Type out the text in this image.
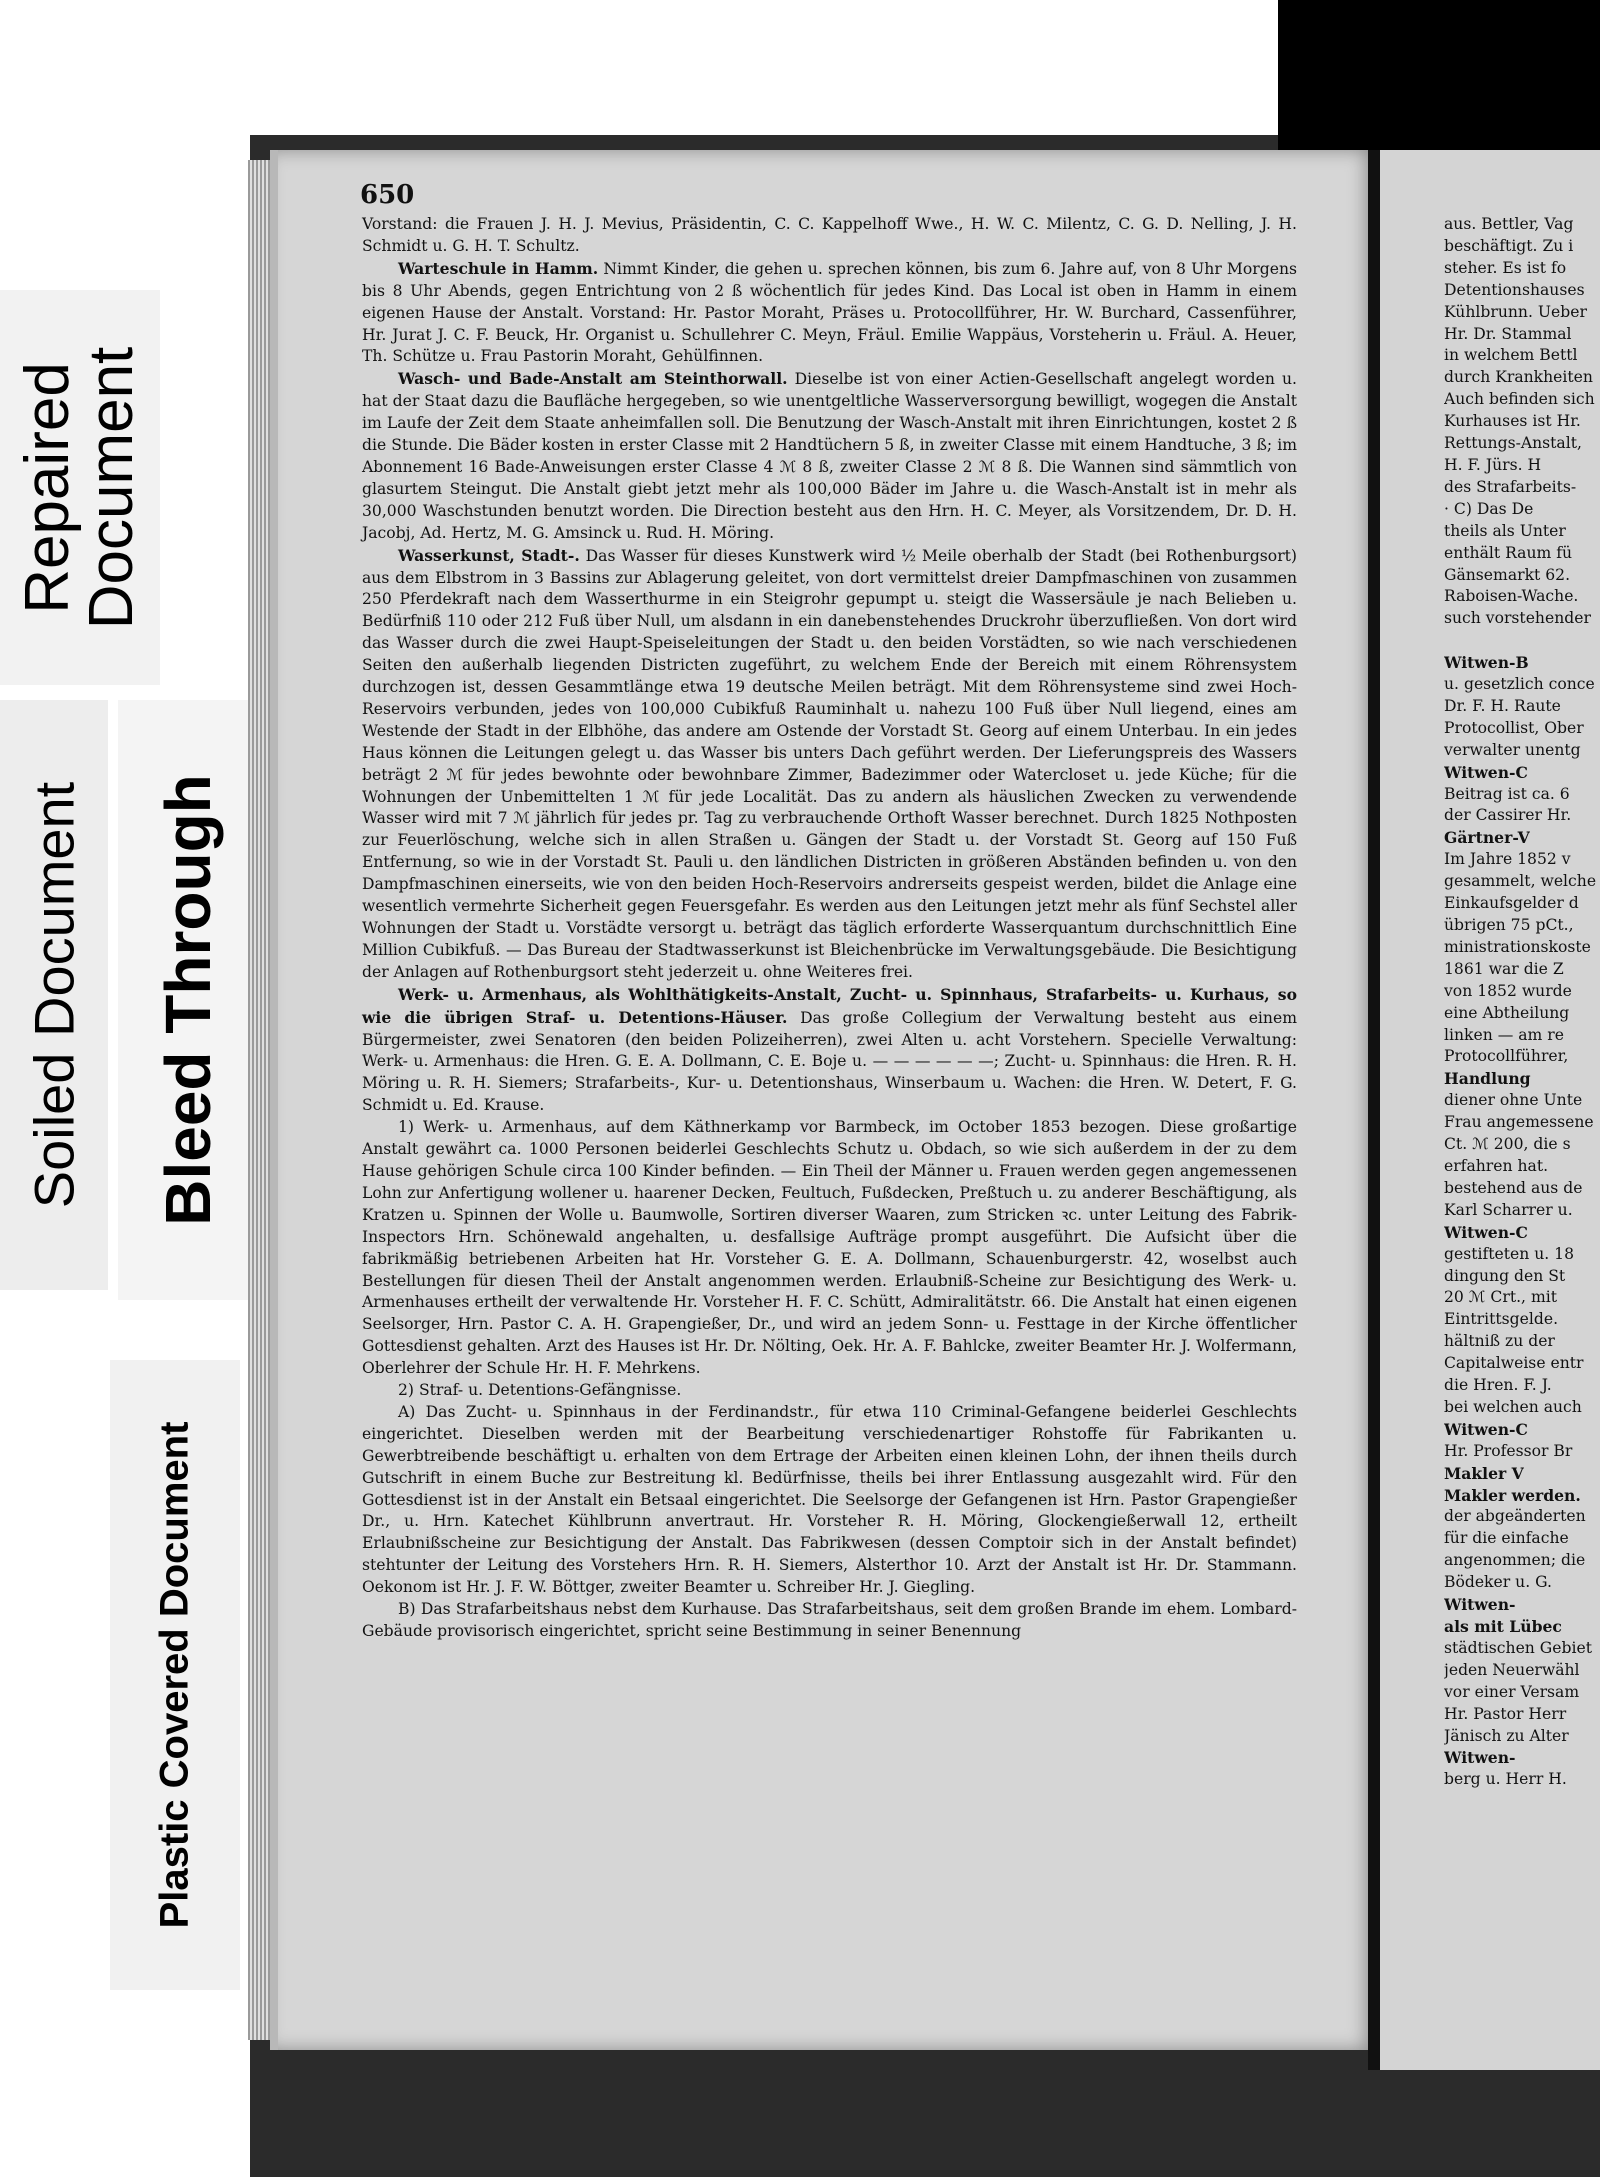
Repaired
Document
Soiled Document Bleed Through
Plastic Covered Document
650

Vorstand: die Frauen J. H. J. Mevius, Präsidentin, C. C. Kappelhoff Wwe., H. W. C. Milentz, C. G. D. Nelling, J. H. Schmidt u. G. H. T. Schultz.

Warteschule in Hamm. Nimmt Kinder, die gehen u. sprechen können, bis zum 6. Jahre auf, von 8 Uhr Morgens bis 8 Uhr Abends, gegen Entrichtung von 2 ß wöchentlich für jedes Kind. Das Local ist oben in Hamm in einem eigenen Hause der Anstalt. Vorstand: Hr. Pastor Moraht, Präses u. Protocollführer, Hr. W. Burchard, Cassenführer, Hr. Jurat J. C. F. Beuck, Hr. Organist u. Schullehrer C. Meyn, Fräul. Emilie Wappäus, Vorsteherin u. Fräul. A. Heuer, Th. Schütze u. Frau Pastorin Moraht, Gehülfinnen.

Wasch- und Bade-Anstalt am Steinthorwall. Dieselbe ist von einer Actien-Gesellschaft angelegt worden u. hat der Staat dazu die Baufläche hergegeben, so wie unentgeltliche Wasserversorgung bewilligt, wogegen die Anstalt im Laufe der Zeit dem Staate anheimfallen soll. Die Benutzung der Wasch-Anstalt mit ihren Einrichtungen, kostet 2 ß die Stunde. Die Bäder kosten in erster Classe mit 2 Handtüchern 5 ß, in zweiter Classe mit einem Handtuche, 3 ß; im Abonnement 16 Bade-Anweisungen erster Classe 4 ℳ 8 ß, zweiter Classe 2 ℳ 8 ß. Die Wannen sind sämmtlich von glasurtem Steingut. Die Anstalt giebt jetzt mehr als 100,000 Bäder im Jahre u. die Wasch-Anstalt ist in mehr als 30,000 Waschstunden benutzt worden. Die Direction besteht aus den Hrn. H. C. Meyer, als Vorsitzendem, Dr. D. H. Jacobj, Ad. Hertz, M. G. Amsinck u. Rud. H. Möring.

Wasserkunst, Stadt-. Das Wasser für dieses Kunstwerk wird ½ Meile oberhalb der Stadt (bei Rothenburgsort) aus dem Elbstrom in 3 Bassins zur Ablagerung geleitet, von dort vermittelst dreier Dampfmaschinen von zusammen 250 Pferdekraft nach dem Wasserthurme in ein Steigrohr gepumpt u. steigt die Wassersäule je nach Belieben u. Bedürfniß 110 oder 212 Fuß über Null, um alsdann in ein danebenstehendes Druckrohr überzufließen. Von dort wird das Wasser durch die zwei Haupt-Speiseleitungen der Stadt u. den beiden Vorstädten, so wie nach verschiedenen Seiten den außerhalb liegenden Districten zugeführt, zu welchem Ende der Bereich mit einem Röhrensystem durchzogen ist, dessen Gesammtlänge etwa 19 deutsche Meilen beträgt. Mit dem Röhrensysteme sind zwei Hoch-Reservoirs verbunden, jedes von 100,000 Cubikfuß Rauminhalt u. nahezu 100 Fuß über Null liegend, eines am Westende der Stadt in der Elbhöhe, das andere am Ostende der Vorstadt St. Georg auf einem Unterbau. In ein jedes Haus können die Leitungen gelegt u. das Wasser bis unters Dach geführt werden. Der Lieferungspreis des Wassers beträgt 2 ℳ für jedes bewohnte oder bewohnbare Zimmer, Badezimmer oder Watercloset u. jede Küche; für die Wohnungen der Unbemittelten 1 ℳ für jede Localität. Das zu andern als häuslichen Zwecken zu verwendende Wasser wird mit 7 ℳ jährlich für jedes pr. Tag zu verbrauchende Orthoft Wasser berechnet. Durch 1825 Nothposten zur Feuerlöschung, welche sich in allen Straßen u. Gängen der Stadt u. der Vorstadt St. Georg auf 150 Fuß Entfernung, so wie in der Vorstadt St. Pauli u. den ländlichen Districten in größeren Abständen befinden u. von den Dampfmaschinen einerseits, wie von den beiden Hoch-Reservoirs andrerseits gespeist werden, bildet die Anlage eine wesentlich vermehrte Sicherheit gegen Feuersgefahr. Es werden aus den Leitungen jetzt mehr als fünf Sechstel aller Wohnungen der Stadt u. Vorstädte versorgt u. beträgt das täglich erforderte Wasserquantum durchschnittlich Eine Million Cubikfuß. — Das Bureau der Stadtwasserkunst ist Bleichenbrücke im Verwaltungsgebäude. Die Besichtigung der Anlagen auf Rothenburgsort steht jederzeit u. ohne Weiteres frei.

Werk- u. Armenhaus, als Wohlthätigkeits-Anstalt, Zucht- u. Spinnhaus, Strafarbeits- u. Kurhaus, so wie die übrigen Straf- u. Detentions-Häuser. Das große Collegium der Verwaltung besteht aus einem Bürgermeister, zwei Senatoren (den beiden Polizeiherren), zwei Alten u. acht Vorstehern. Specielle Verwaltung: Werk- u. Armenhaus: die Hren. G. E. A. Dollmann, C. E. Boje u. — — — — — —; Zucht- u. Spinnhaus: die Hren. R. H. Möring u. R. H. Siemers; Strafarbeits-, Kur- u. Detentionshaus, Winserbaum u. Wachen: die Hren. W. Detert, F. G. Schmidt u. Ed. Krause.

1) Werk- u. Armenhaus, auf dem Käthnerkamp vor Barmbeck, im October 1853 bezogen. Diese großartige Anstalt gewährt ca. 1000 Personen beiderlei Geschlechts Schutz u. Obdach, so wie sich außerdem in der zu dem Hause gehörigen Schule circa 100 Kinder befinden. — Ein Theil der Männer u. Frauen werden gegen angemessenen Lohn zur Anfertigung wollener u. haarener Decken, Feultuch, Fußdecken, Preßtuch u. zu anderer Beschäftigung, als Kratzen u. Spinnen der Wolle u. Baumwolle, Sortiren diverser Waaren, zum Stricken ꝛc. unter Leitung des Fabrik-Inspectors Hrn. Schönewald angehalten, u. desfallsige Aufträge prompt ausgeführt. Die Aufsicht über die fabrikmäßig betriebenen Arbeiten hat Hr. Vorsteher G. E. A. Dollmann, Schauenburgerstr. 42, woselbst auch Bestellungen für diesen Theil der Anstalt angenommen werden. Erlaubniß-Scheine zur Besichtigung des Werk- u. Armenhauses ertheilt der verwaltende Hr. Vorsteher H. F. C. Schütt, Admiralitätstr. 66. Die Anstalt hat einen eigenen Seelsorger, Hrn. Pastor C. A. H. Grapengießer, Dr., und wird an jedem Sonn- u. Festtage in der Kirche öffentlicher Gottesdienst gehalten. Arzt des Hauses ist Hr. Dr. Nölting, Oek. Hr. A. F. Bahlcke, zweiter Beamter Hr. J. Wolfermann, Oberlehrer der Schule Hr. H. F. Mehrkens.

2) Straf- u. Detentions-Gefängnisse.

A) Das Zucht- u. Spinnhaus in der Ferdinandstr., für etwa 110 Criminal-Gefangene beiderlei Geschlechts eingerichtet. Dieselben werden mit der Bearbeitung verschiedenartiger Rohstoffe für Fabrikanten u. Gewerbtreibende beschäftigt u. erhalten von dem Ertrage der Arbeiten einen kleinen Lohn, der ihnen theils durch Gutschrift in einem Buche zur Bestreitung kl. Bedürfnisse, theils bei ihrer Entlassung ausgezahlt wird. Für den Gottesdienst ist in der Anstalt ein Betsaal eingerichtet. Die Seelsorge der Gefangenen ist Hrn. Pastor Grapengießer Dr., u. Hrn. Katechet Kühlbrunn anvertraut. Hr. Vorsteher R. H. Möring, Glockengießerwall 12, ertheilt Erlaubnißscheine zur Besichtigung der Anstalt. Das Fabrikwesen (dessen Comptoir sich in der Anstalt befindet) stehtunter der Leitung des Vorstehers Hrn. R. H. Siemers, Alsterthor 10. Arzt der Anstalt ist Hr. Dr. Stammann. Oekonom ist Hr. J. F. W. Böttger, zweiter Beamter u. Schreiber Hr. J. Giegling.

B) Das Strafarbeitshaus nebst dem Kurhause. Das Strafarbeitshaus, seit dem großen Brande im ehem. Lombard-Gebäude provisorisch eingerichtet, spricht seine Bestimmung in seiner Benennung

aus. Bettler, Vag
beschäftigt. Zu i
steher. Es ist fo
Detentionshauses
Kühlbrunn. Ueber
Hr. Dr. Stammal
in welchem Bettl
durch Krankheiten
Auch befinden sich
Kurhauses ist Hr.
Rettungs-Anstalt,
H. F. Jürs. H
des Strafarbeits-
· C) Das De
theils als Unter
enthält Raum fü
Gänsemarkt 62.
Raboisen-Wache.
such vorstehender

Witwen-B
u. gesetzlich conce
Dr. F. H. Raute
Protocollist, Ober
verwalter unentg
Witwen-C
Beitrag ist ca. 6
der Cassirer Hr.
Gärtner-V
Im Jahre 1852 v
gesammelt, welche
Einkaufsgelder d
übrigen 75 pCt.,
ministrationskoste
1861 war die Z
von 1852 wurde
eine Abtheilung
linken — am re
Protocollführer,
Handlung
diener ohne Unte
Frau angemessene
Ct. ℳ 200, die s
erfahren hat.
bestehend aus de
Karl Scharrer u.
Witwen-C
gestifteten u. 18
dingung den St
20 ℳ Crt., mit
Eintrittsgelde.
hältniß zu der
Capitalweise entr
die Hren. F. J.
bei welchen auch
Witwen-C
Hr. Professor Br
Makler V
Makler werden.
der abgeänderten
für die einfache
angenommen; die
Bödeker u. G.
Witwen-
als mit Lübec
städtischen Gebiet
jeden Neuerwähl
vor einer Versam
Hr. Pastor Herr
Jänisch zu Alter
Witwen-
berg u. Herr H.
